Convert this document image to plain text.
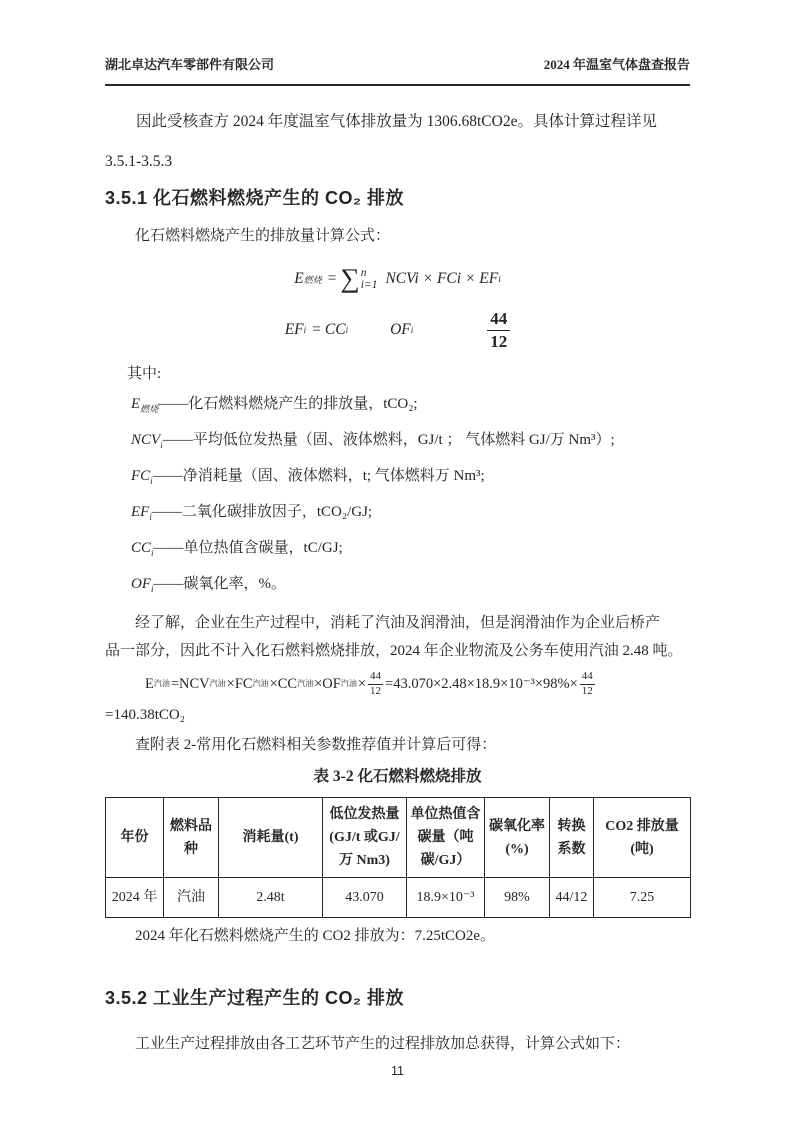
湖北卓达汽车零部件有限公司	2024 年温室气体盘查报告

因此受核查方 2024 年度温室气体排放量为 1306.68tCO2e。具体计算过程详见

3.5.1-3.5.3

3.5.1 化石燃料燃烧产生的 CO₂ 排放

化石燃料燃烧产生的排放量计算公式：

E 燃烧 = ∑ n
i=1 NCVi × FCi × EF i
EF i = CC i	OF i	$\frac{44}{12}$

其中:

$E_{燃烧}——$化石燃料燃烧产生的排放量，tCO₂;
$NCV_i——$平均低位发热量（固、液体燃料，GJ/t ； 气体燃料 GJ/万 Nm³）;
$FC_i——$净消耗量（固、液体燃料，t; 气体燃料万 Nm³;
$EF_i——$二氧化碳排放因子，tCO₂/GJ;
$CC_i——$单位热值含碳量，tC/GJ;
$OF_i——$碳氧化率，%。

经了解，企业在生产过程中，消耗了汽油及润滑油，但是润滑油作为企业后桥产

品一部分，因此不计入化石燃料燃烧排放，2024 年企业物流及公务车使用汽油 2.48 吨。

E 汽油 =NCV 汽油 ×FC 汽油 ×CC 汽油 ×OF 汽油 × $\frac{44}{12} =43.070\times 2.48\times 18.9\times 10^{-3}\times 98\%\times \frac{44}{12}$
=140.38tCO₂

查附表 2-常用化石燃料相关参数推荐值并计算后可得：

表 3-2 化石燃料燃烧排放
年份	燃料品种	消耗量(t)	低位发热量 (GJ/t 或GJ/ 万 Nm3)	单位热值含碳量（吨碳/GJ）	碳氧化率 (%)	转换系数	CO2 排放量 (吨)
2024 年	汽油	2.48t	43.070	18.9×10⁻³	98%	44/12	7.25

2024 年化石燃料燃烧产生的 CO2 排放为：7.25tCO2e。

3.5.2 工业生产过程产生的 CO₂ 排放

工业生产过程排放由各工艺环节产生的过程排放加总获得，计算公式如下：

11
